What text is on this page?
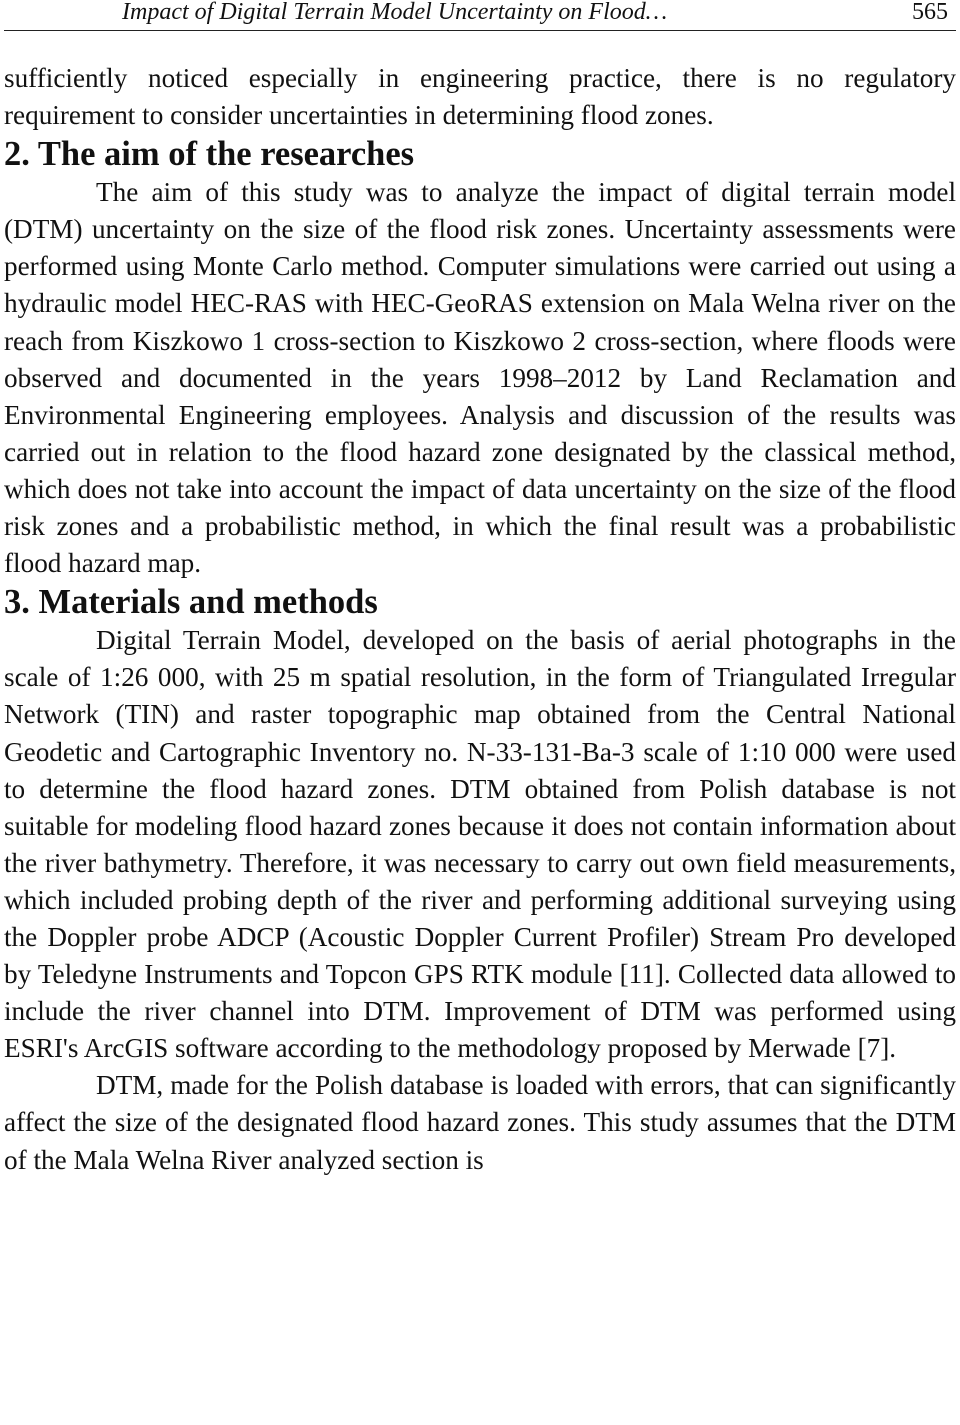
Impact of Digital Terrain Model Uncertainty on Flood…	565

sufficiently noticed especially in engineering practice, there is no regulatory requirement to consider uncertainties in determining flood zones.

2. The aim of the researches

The aim of this study was to analyze the impact of digital terrain model (DTM) uncertainty on the size of the flood risk zones. Uncertainty assessments were performed using Monte Carlo method. Computer simulations were carried out using a hydraulic model HEC-RAS with HEC-GeoRAS extension on Mala Welna river on the reach from Kiszkowo 1 cross-section to Kiszkowo 2 cross-section, where floods were observed and documented in the years 1998–2012 by Land Reclamation and Environmental Engineering employees. Analysis and discussion of the results was carried out in relation to the flood hazard zone designated by the classical method, which does not take into account the impact of data uncertainty on the size of the flood risk zones and a probabilistic method, in which the final result was a probabilistic flood hazard map.

3. Materials and methods

Digital Terrain Model, developed on the basis of aerial photographs in the scale of 1:26 000, with 25 m spatial resolution, in the form of Triangulated Irregular Network (TIN) and raster topographic map obtained from the Central National Geodetic and Cartographic Inventory no. N-33-131-Ba-3 scale of 1:10 000 were used to determine the flood hazard zones. DTM obtained from Polish database is not suitable for modeling flood hazard zones because it does not contain information about the river bathymetry. Therefore, it was necessary to carry out own field measurements, which included probing depth of the river and performing additional surveying using the Doppler probe ADCP (Acoustic Doppler Current Profiler) Stream Pro developed by Teledyne Instruments and Topcon GPS RTK module [11]. Collected data allowed to include the river channel into DTM. Improvement of DTM was performed using ESRI's ArcGIS software according to the methodology proposed by Merwade [7].

DTM, made for the Polish database is loaded with errors, that can significantly affect the size of the designated flood hazard zones. This study assumes that the DTM of the Mala Welna River analyzed section is
